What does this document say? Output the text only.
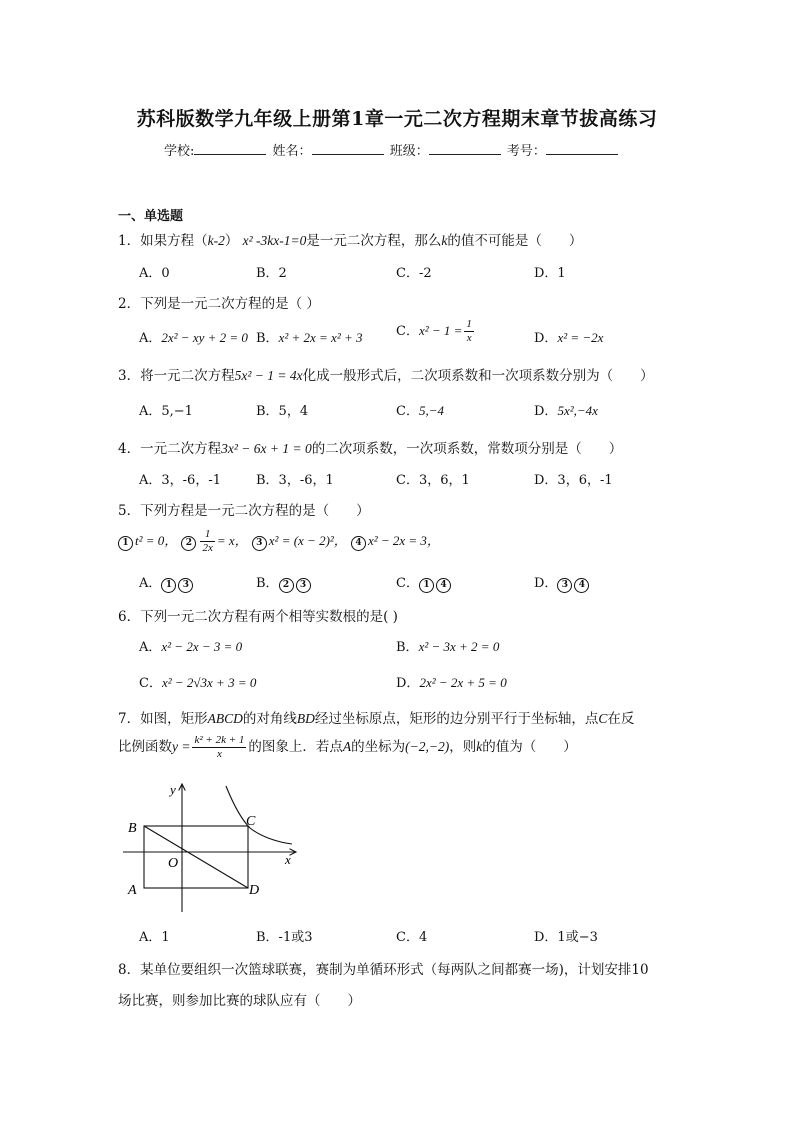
苏科版数学九年级上册第1章一元二次方程期末章节拔高练习
学校:	姓名：	班级：	考号：
一、单选题
1．如果方程（k-2） x² -3kx-1=0是一元二次方程，那么k的值不可能是（　　）
A．0	B．2	C．-2	D．1
2．下列是一元二次方程的是（ ）
A．2x² − xy + 2 = 0 B．x² + 2x = x² + 3	C．$x^2 - 1 = \frac{1}{x}$	D．x² = −2x
3．将一元二次方程5x² − 1 = 4x化成一般形式后，二次项系数和一次项系数分别为（　　）
A．5,−1	B．5，4	C．5,−4	D．5x²,−4x
4．一元二次方程3x² − 6x + 1 = 0的二次项系数，一次项系数，常数项分别是（　　）
A．3，-6，-1	B．3，-6，1	C．3，6，1	D．3，6，-1
5．下列方程是一元二次方程的是（　　）
1 t² = 0， $2 \frac{1}{2x} = x$， 3 x² = (x − 2)²， 4 x² − 2x = 3，
A． 1 3	B． 2 3	C． 1 4	D． 3 4
6．下列一元二次方程有两个相等实数根的是( )
A．x² − 2x − 3 = 0	B．x² − 3x + 2 = 0
C．x² − 2√3x + 3 = 0	D．2x² − 2x + 5 = 0
7．如图，矩形ABCD的对角线BD经过坐标原点，矩形的边分别平行于坐标轴，点C在反
比例函数$y = \frac{\text{k² + 2k + 1}}{x}$ 的图象上．若点A的坐标为(−2,−2)，则k的值为（　　）
y
x
B	C
O
A	D
A．1	B．-1或3	C．4	D．1或−3
8．某单位要组织一次篮球联赛，赛制为单循环形式（每两队之间都赛一场)，计划安排10
场比赛，则参加比赛的球队应有（　　）
